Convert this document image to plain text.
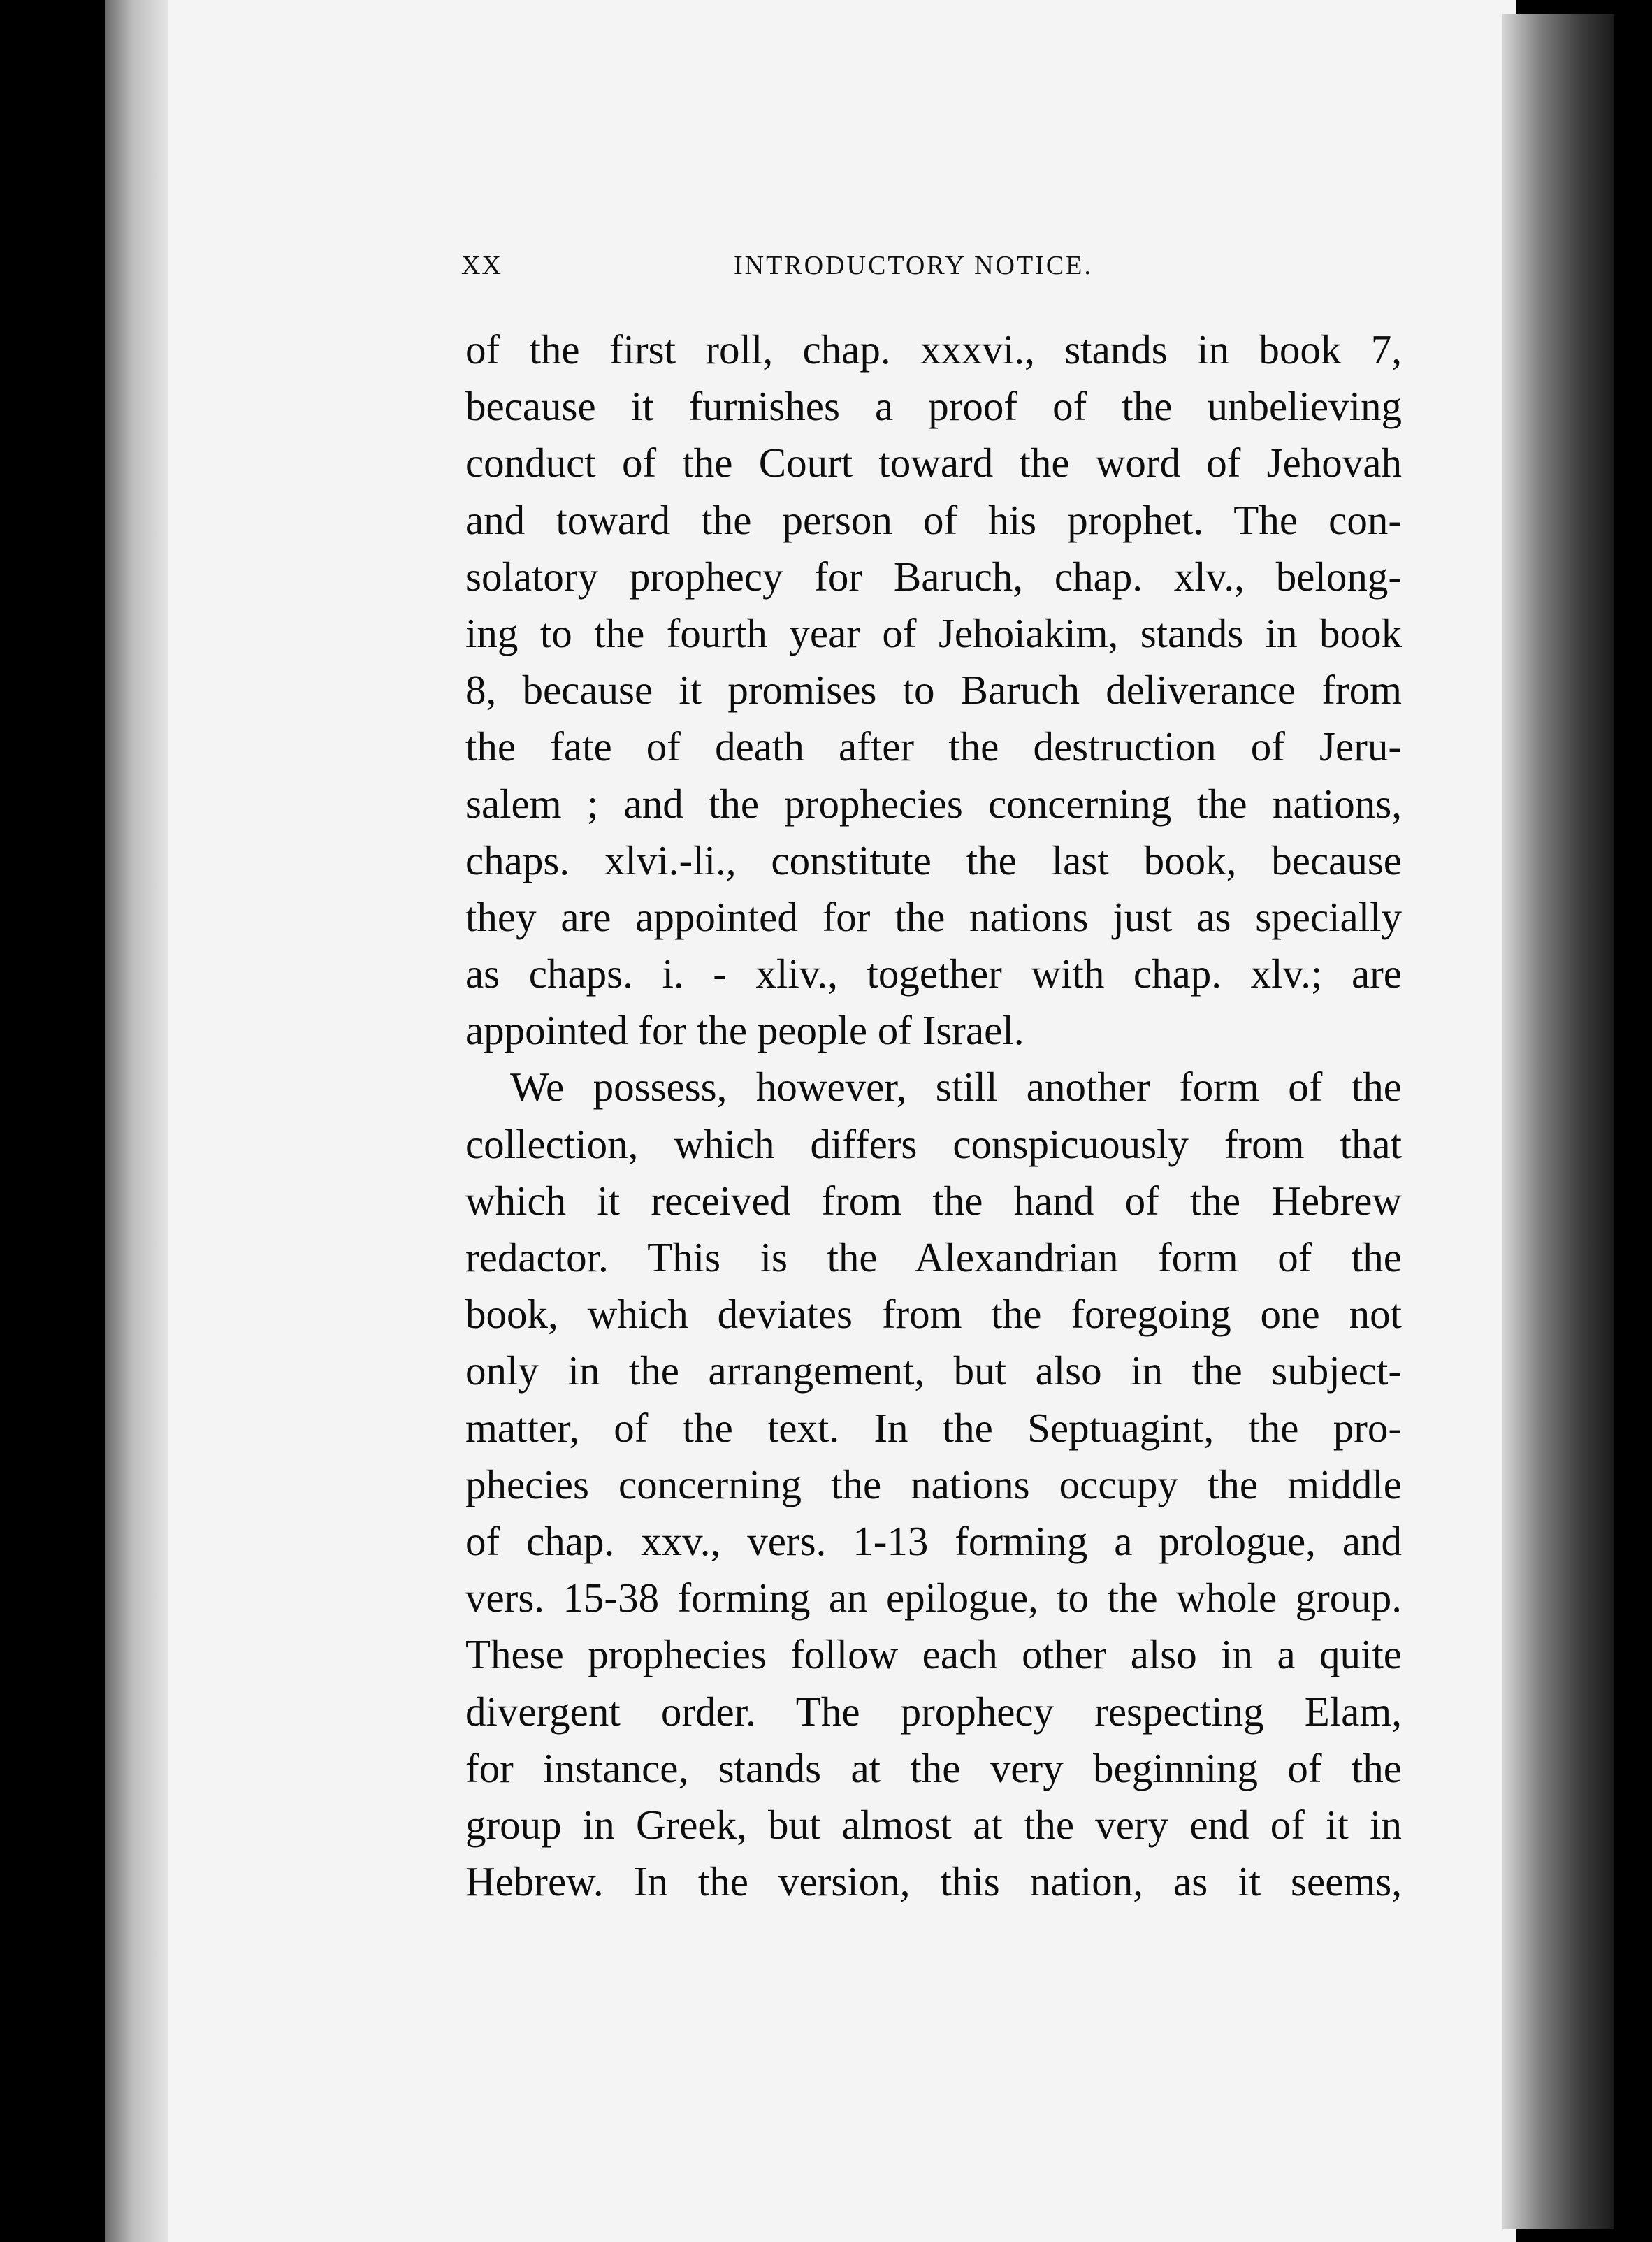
XX	INTRODUCTORY NOTICE.
of the first roll, chap. xxxvi., stands in book 7,
because it furnishes a proof of the unbelieving
conduct of the Court toward the word of Jehovah
and toward the person of his prophet. The con-
solatory prophecy for Baruch, chap. xlv., belong-
ing to the fourth year of Jehoiakim, stands in book
8, because it promises to Baruch deliverance from
the fate of death after the destruction of Jeru-
salem ; and the prophecies concerning the nations,
chaps. xlvi.-li., constitute the last book, because
they are appointed for the nations just as specially
as chaps. i. - xliv., together with chap. xlv.; are
appointed for the people of Israel.
We possess, however, still another form of the
collection, which differs conspicuously from that
which it received from the hand of the Hebrew
redactor. This is the Alexandrian form of the
book, which deviates from the foregoing one not
only in the arrangement, but also in the subject-
matter, of the text. In the Septuagint, the pro-
phecies concerning the nations occupy the middle
of chap. xxv., vers. 1-13 forming a prologue, and
vers. 15-38 forming an epilogue, to the whole group.
These prophecies follow each other also in a quite
divergent order. The prophecy respecting Elam,
for instance, stands at the very beginning of the
group in Greek, but almost at the very end of it in
Hebrew. In the version, this nation, as it seems,
